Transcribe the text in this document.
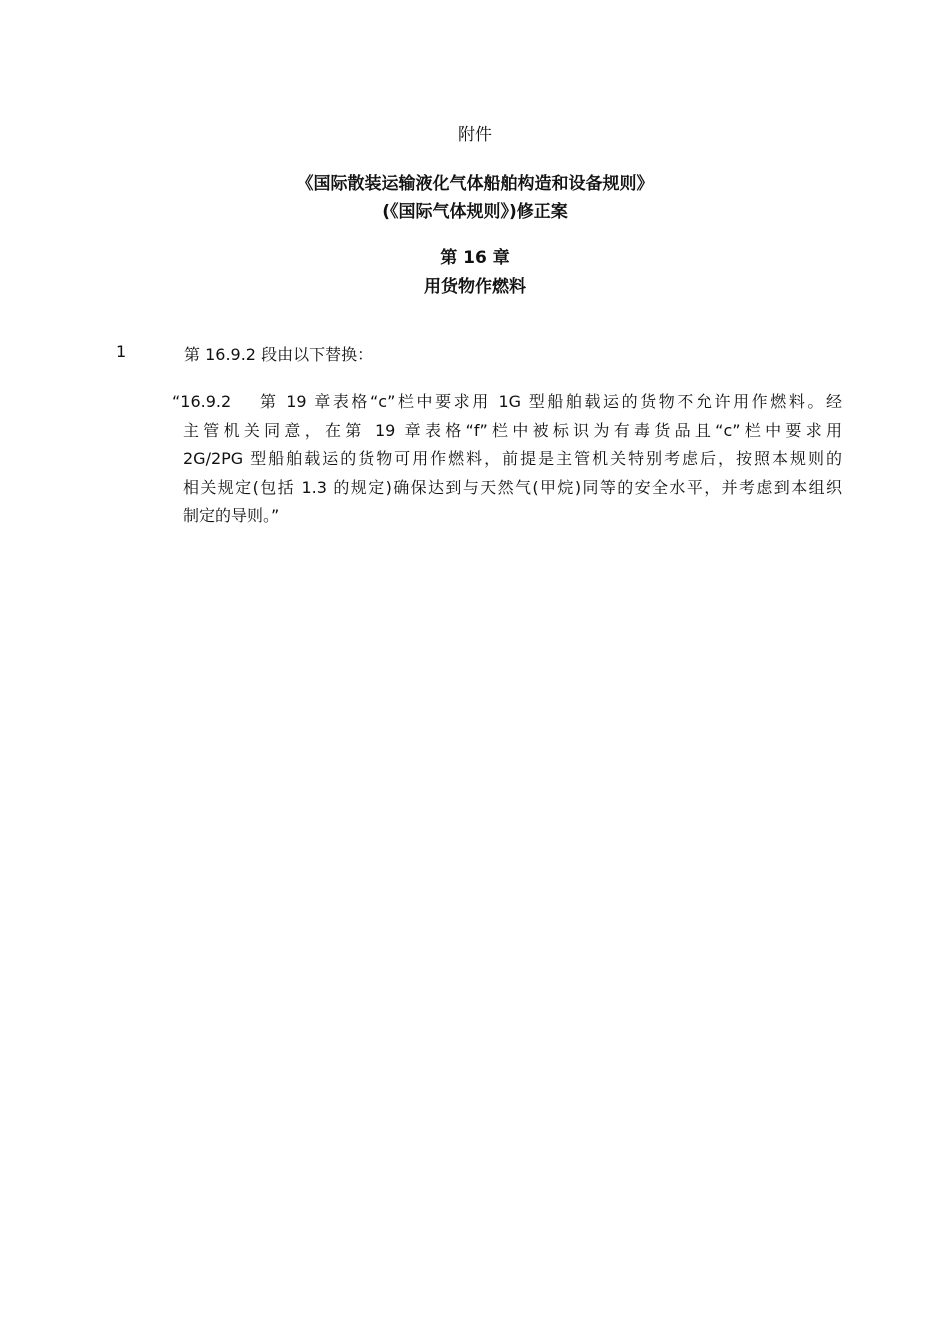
附件
《国际散装运输液化气体船舶构造和设备规则》
(《国际气体规则》)修正案
第 16 章
用货物作燃料
1	第 16.9.2 段由以下替换：
“16.9.2　 第 19 章表格“c”栏中要求用 1G 型船舶载运的货物不允许用作燃料。经
主管机关同意，在第 19 章表格“f”栏中被标识为有毒货品且“c”栏中要求用
2G/2PG 型船舶载运的货物可用作燃料，前提是主管机关特别考虑后，按照本规则的
相关规定(包括 1.3 的规定)确保达到与天然气(甲烷)同等的安全水平，并考虑到本组织
制定的导则。”
